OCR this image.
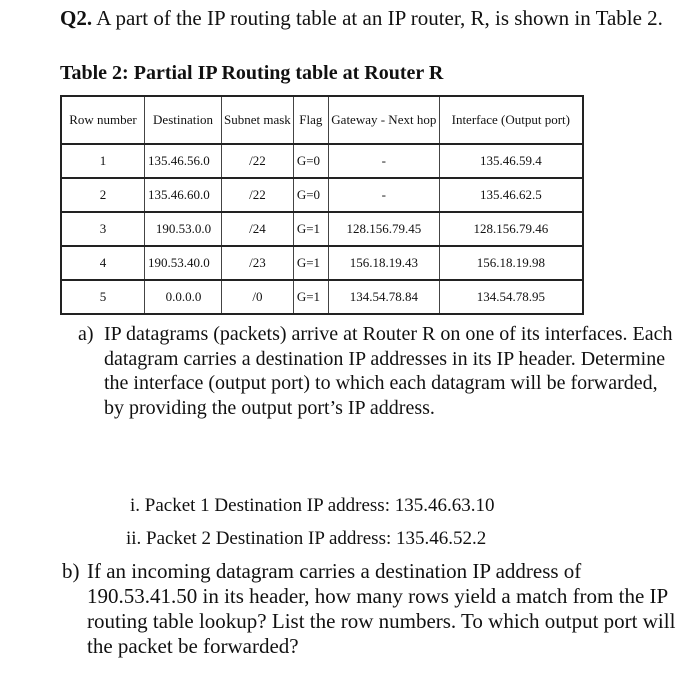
Q2. A part of the IP routing table at an IP router, R, is shown in Table 2.
Table 2: Partial IP Routing table at Router R
Row number	Destination	Subnet mask	Flag	Gateway - Next hop	Interface (Output port)
1	135.46.56.0	/22	G=0	-	135.46.59.4
2	135.46.60.0	/22	G=0	-	135.46.62.5
3	190.53.0.0	/24	G=1	128.156.79.45	128.156.79.46
4	190.53.40.0	/23	G=1	156.18.19.43	156.18.19.98
5	0.0.0.0	/0	G=1	134.54.78.84	134.54.78.95
a) IP datagrams (packets) arrive at Router R on one of its interfaces. Each datagram carries a destination IP addresses in its IP header. Determine the interface (output port) to which each datagram will be forwarded, by providing the output port’s IP address.
i. Packet 1 Destination IP address: 135.46.63.10
ii. Packet 2 Destination IP address: 135.46.52.2
b) If an incoming datagram carries a destination IP address of 190.53.41.50 in its header, how many rows yield a match from the IP routing table lookup? List the row numbers. To which output port will the packet be forwarded?
